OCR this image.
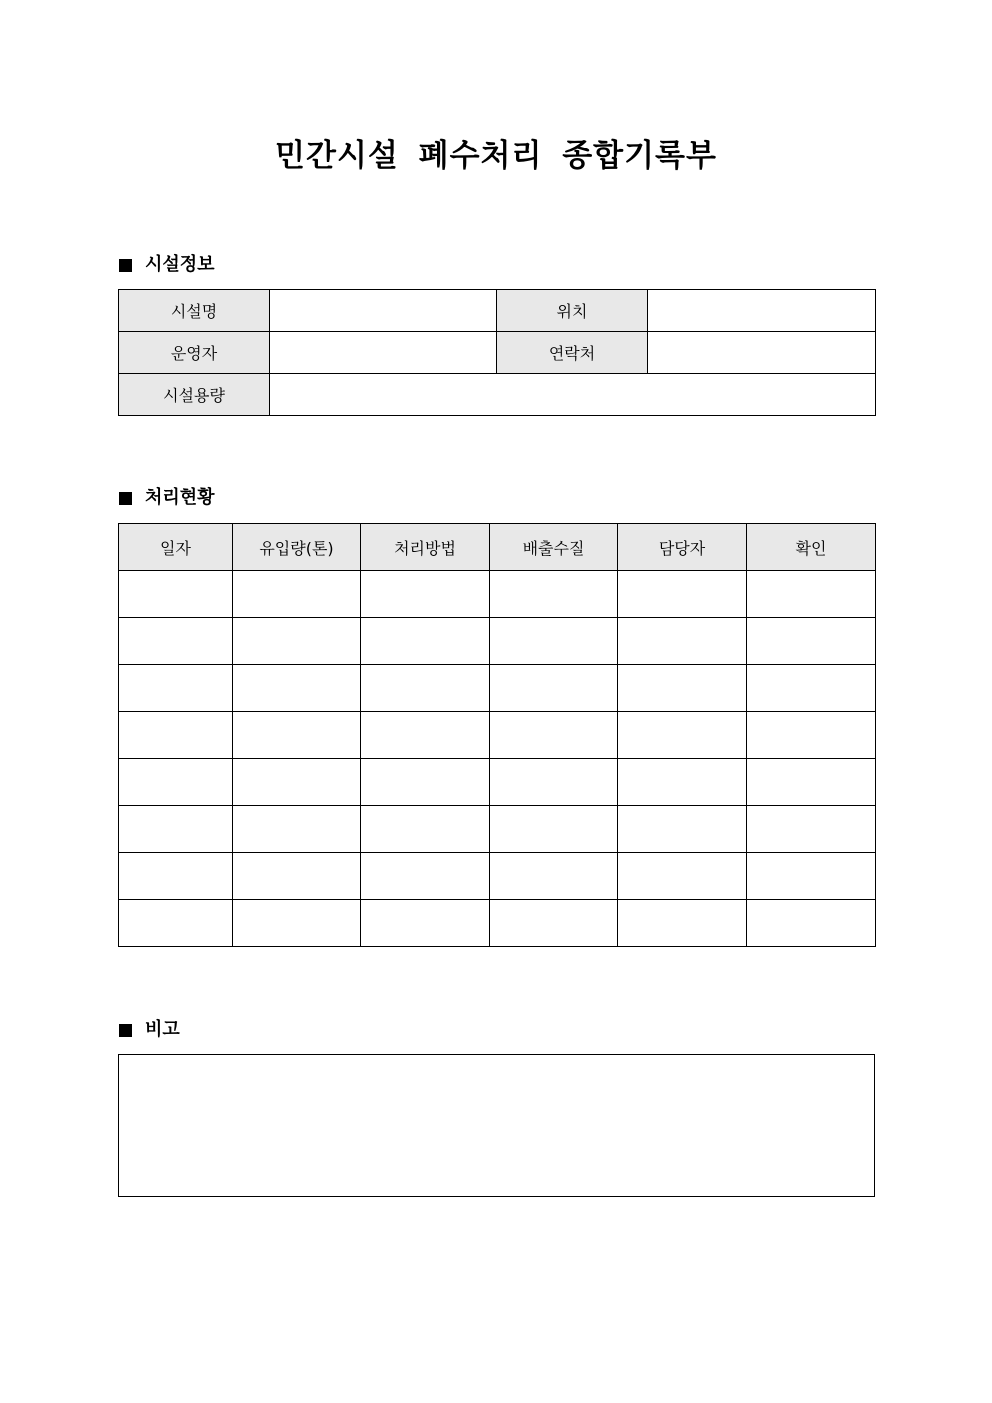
민간시설 폐수처리 종합기록부
시설정보
시설명		위치	
운영자		연락처	
시설용량			
처리현황
일자	유입량(톤)	처리방법	배출수질	담당자	확인

비고
